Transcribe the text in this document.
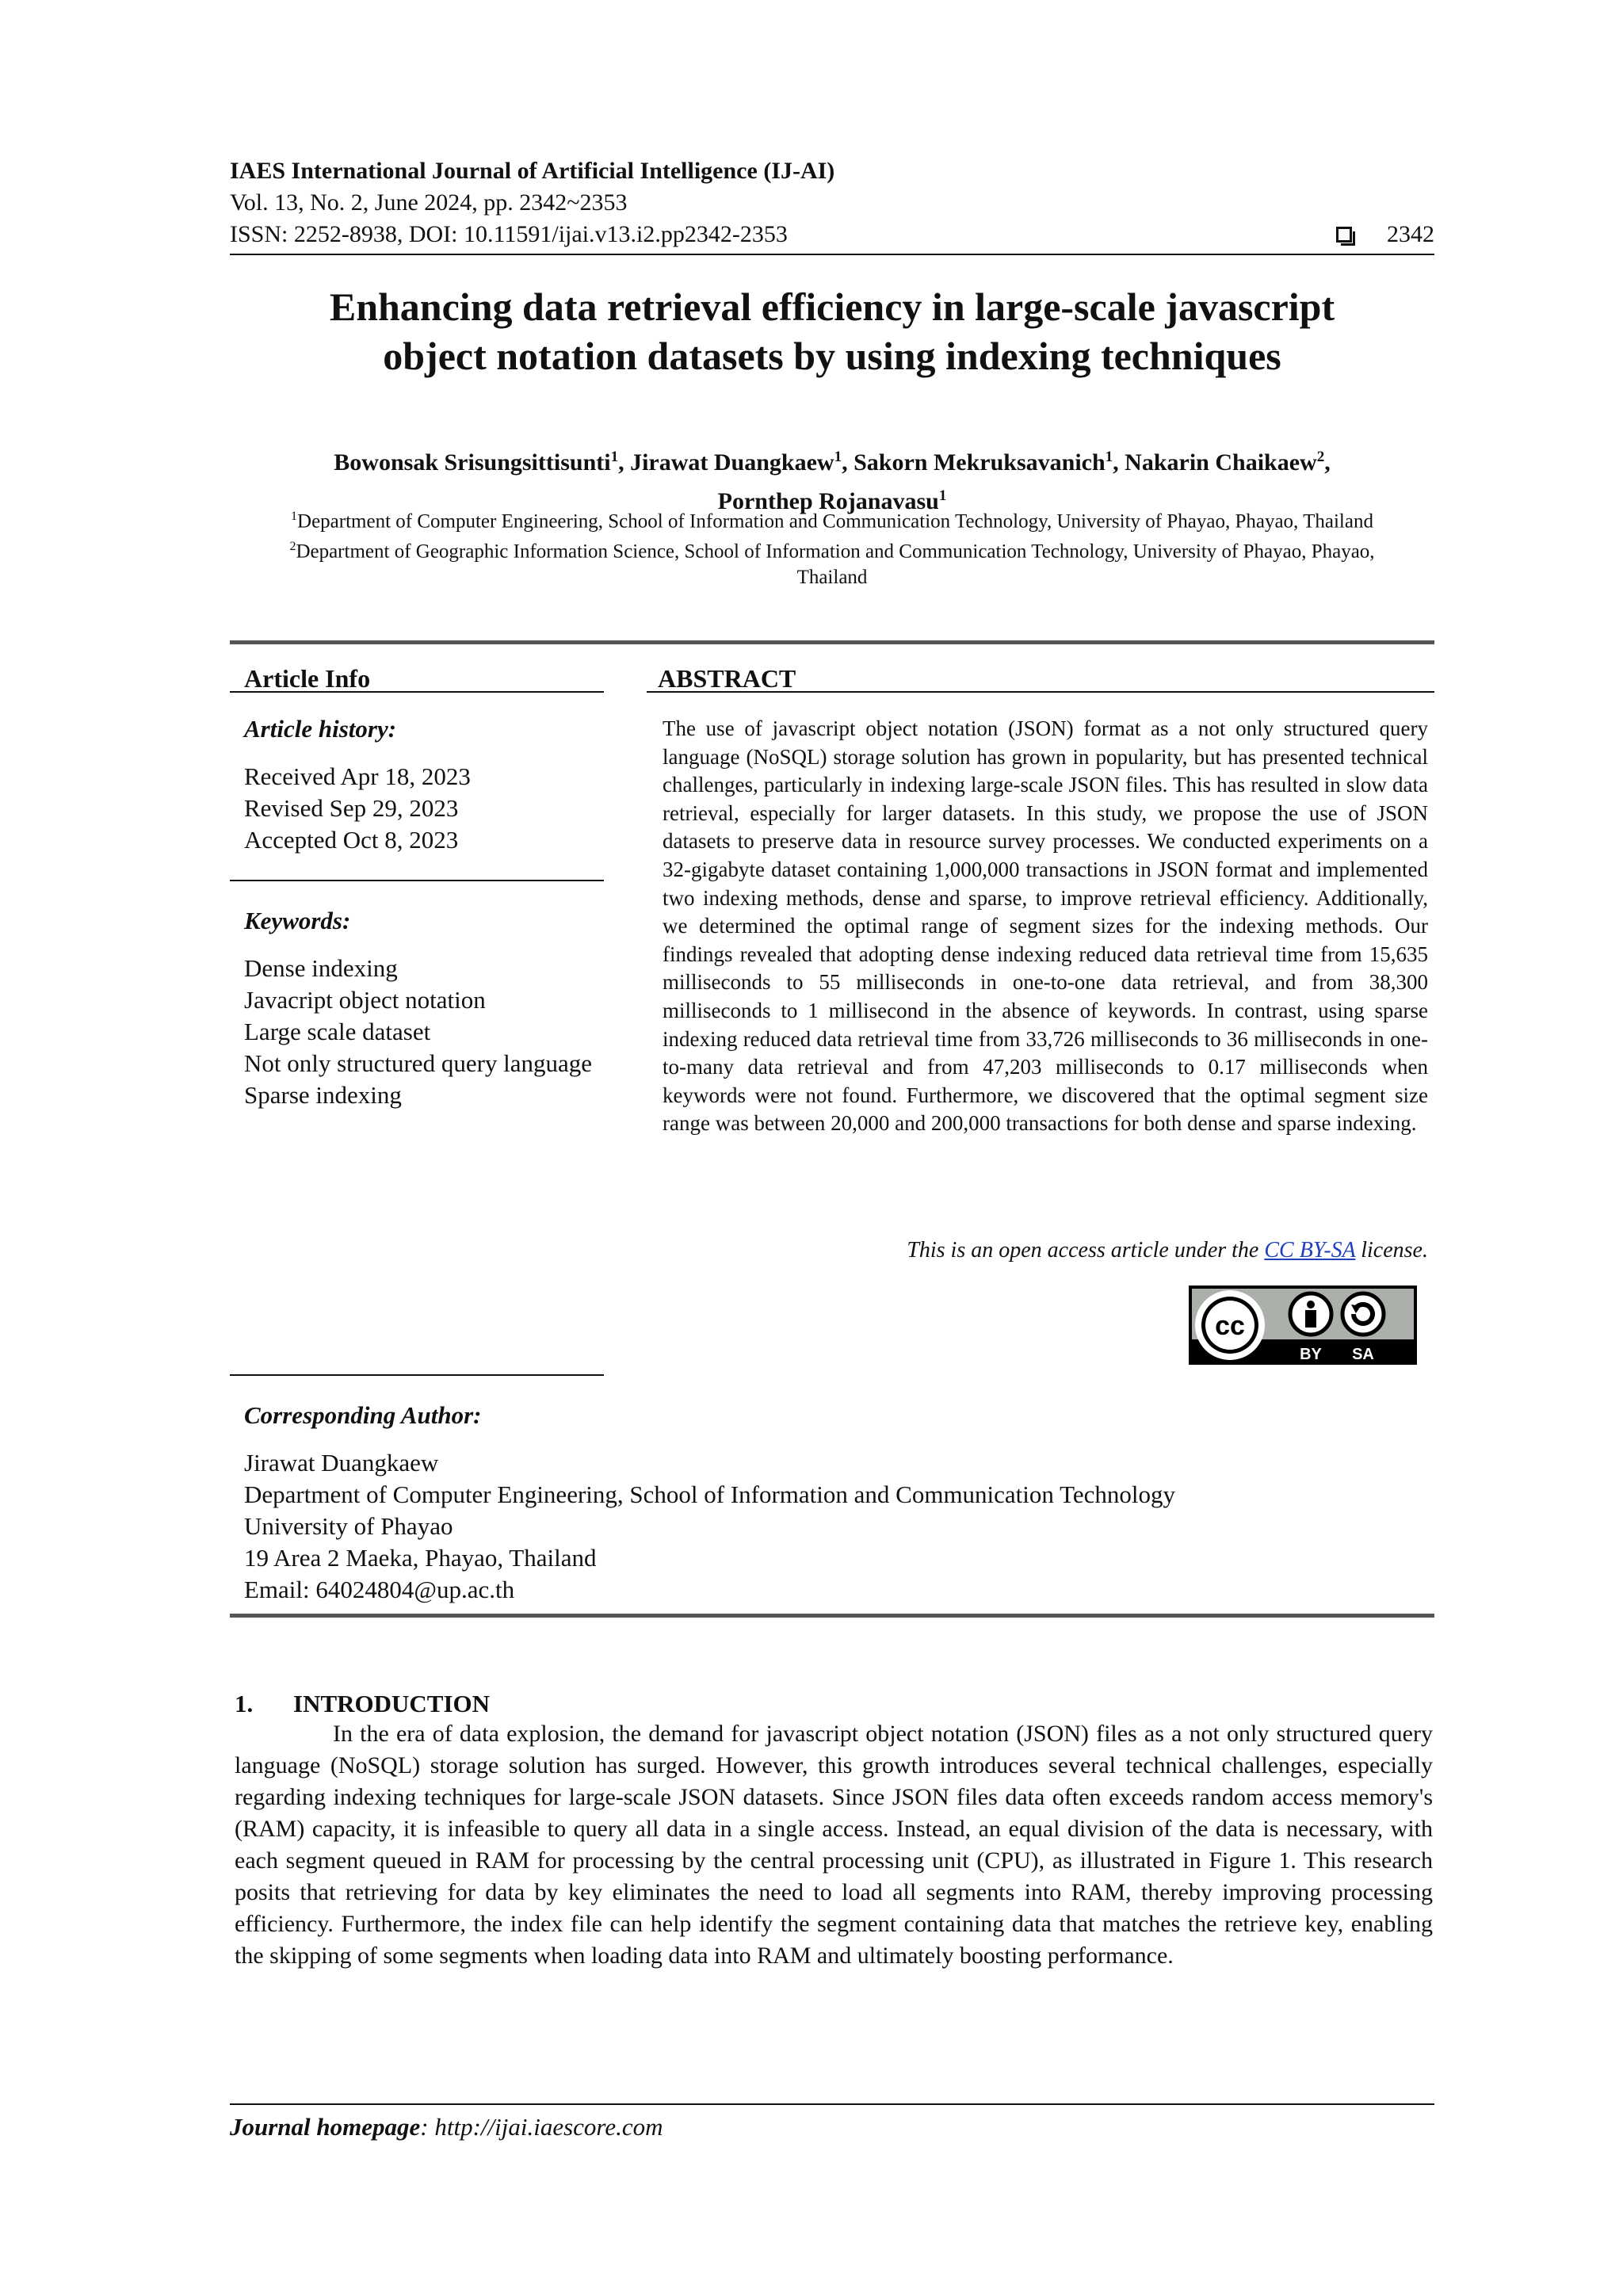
IAES International Journal of Artificial Intelligence (IJ-AI)
Vol. 13, No. 2, June 2024, pp. 2342~2353
ISSN: 2252-8938, DOI: 10.11591/ijai.v13.i2.pp2342-2353	2342
Enhancing data retrieval efficiency in large-scale javascript
object notation datasets by using indexing techniques
Bowonsak Srisungsittisunti$^1$, Jirawat Duangkaew$^1$, Sakorn Mekruksavanich$^1$, Nakarin Chaikaew$^2$,
Pornthep Rojanavasu$^1$
$^1$Department of Computer Engineering, School of Information and Communication Technology, University of Phayao, Phayao, Thailand
$^2$Department of Geographic Information Science, School of Information and Communication Technology, University of Phayao, Phayao,
Thailand
Article Info
Article history:
Received Apr 18, 2023
Revised Sep 29, 2023
Accepted Oct 8, 2023
Keywords:
Dense indexing
Javacript object notation
Large scale dataset
Not only structured query language
Sparse indexing
ABSTRACT
The use of javascript object notation (JSON) format as a not only structured query language (NoSQL) storage solution has grown in popularity, but has presented technical challenges, particularly in indexing large-scale JSON files. This has resulted in slow data retrieval, especially for larger datasets. In this study, we propose the use of JSON datasets to preserve data in resource survey processes. We conducted experiments on a 32-gigabyte dataset containing 1,000,000 transactions in JSON format and implemented two indexing methods, dense and sparse, to improve retrieval efficiency. Additionally, we determined the optimal range of segment sizes for the indexing methods. Our findings revealed that adopting dense indexing reduced data retrieval time from 15,635 milliseconds to 55 milliseconds in one-to-one data retrieval, and from 38,300 milliseconds to 1 millisecond in the absence of keywords. In contrast, using sparse indexing reduced data retrieval time from 33,726 milliseconds to 36 milliseconds in one-to-many data retrieval and from 47,203 milliseconds to 0.17 milliseconds when keywords were not found. Furthermore, we discovered that the optimal segment size range was between 20,000 and 200,000 transactions for both dense and sparse indexing.
This is an open access article under the CC BY-SA license.
cc
BY SA
Corresponding Author:
Jirawat Duangkaew
Department of Computer Engineering, School of Information and Communication Technology
University of Phayao
19 Area 2 Maeka, Phayao, Thailand
Email: 64024804@up.ac.th
1. INTRODUCTION
In the era of data explosion, the demand for javascript object notation (JSON) files as a not only structured query language (NoSQL) storage solution has surged. However, this growth introduces several technical challenges, especially regarding indexing techniques for large-scale JSON datasets. Since JSON files data often exceeds random access memory's (RAM) capacity, it is infeasible to query all data in a single access. Instead, an equal division of the data is necessary, with each segment queued in RAM for processing by the central processing unit (CPU), as illustrated in Figure 1. This research posits that retrieving for data by key eliminates the need to load all segments into RAM, thereby improving processing efficiency. Furthermore, the index file can help identify the segment containing data that matches the retrieve key, enabling the skipping of some segments when loading data into RAM and ultimately boosting performance.
Journal homepage: http://ijai.iaescore.com
